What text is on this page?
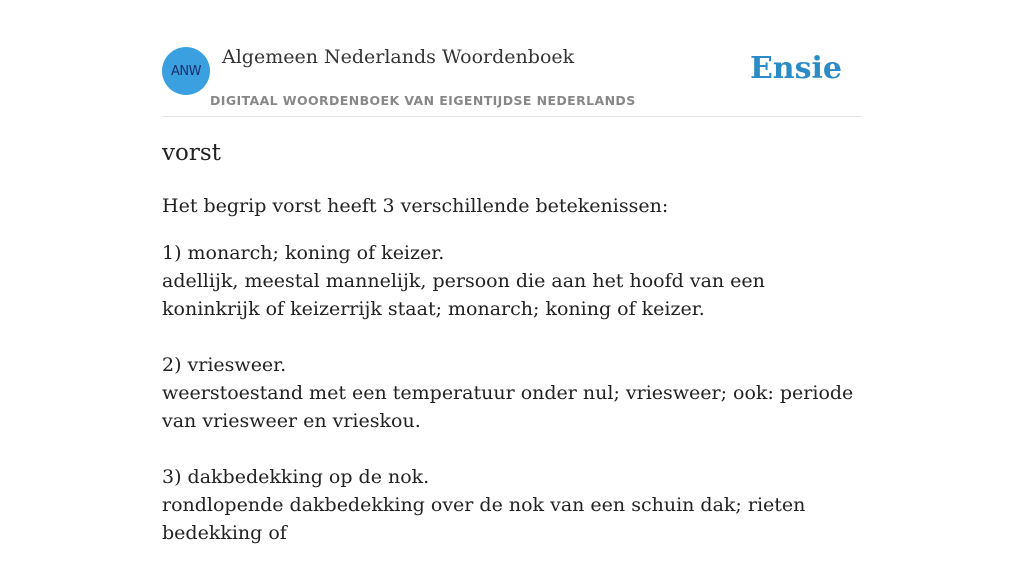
ANW
Algemeen Nederlands Woordenboek
DIGITAAL WOORDENBOEK VAN EIGENTIJDSE NEDERLANDS
Ensie
vorst
Het begrip vorst heeft 3 verschillende betekenissen:
1) monarch; koning of keizer.
adellijk, meestal mannelijk, persoon die aan het hoofd van een koninkrijk of keizerrijk staat; monarch; koning of keizer.
2) vriesweer.
weerstoestand met een temperatuur onder nul; vriesweer; ook: periode van vriesweer en vrieskou.
3) dakbedekking op de nok.
rondlopende dakbedekking over de nok van een schuin dak; rieten bedekking of
